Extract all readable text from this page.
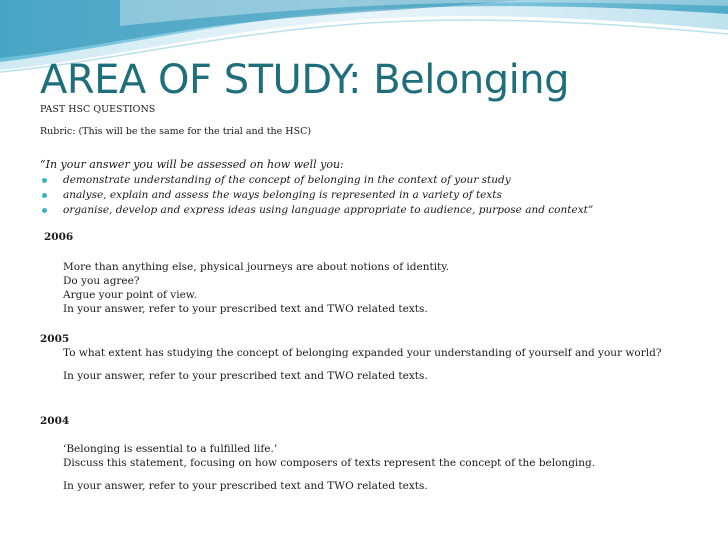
AREA OF STUDY: Belonging
PAST HSC QUESTIONS
Rubric: (This will be the same for the trial and the HSC)
“In your answer you will be assessed on how well you:
demonstrate understanding of the concept of belonging in the context of your study
analyse, explain and assess the ways belonging is represented in a variety of texts
organise, develop and express ideas using language appropriate to audience, purpose and context”
2006
More than anything else, physical journeys are about notions of identity.
Do you agree?
Argue your point of view.
In your answer, refer to your prescribed text and TWO related texts.
2005
To what extent has studying the concept of belonging expanded your understanding of yourself and your world?
In your answer, refer to your prescribed text and TWO related texts.
2004
‘Belonging is essential to a fulfilled life.’
Discuss this statement, focusing on how composers of texts represent the concept of the belonging.
In your answer, refer to your prescribed text and TWO related texts.
